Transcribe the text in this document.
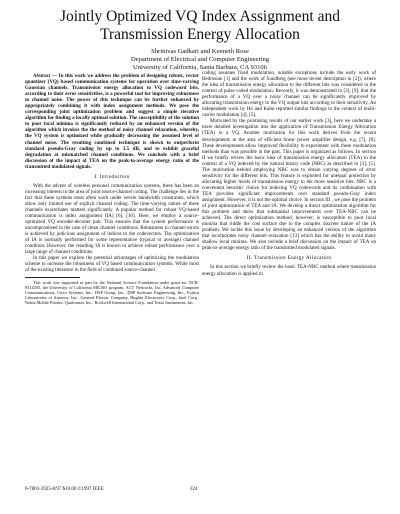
Jointly Optimized VQ Index Assignment and
Transmission Energy Allocation
Shrinivas Gadkari and Kenneth Rose
Department of Electrical and Computer Engineering
University of California, Santa Barbara, CA 93106

Abstract — In this work we address the problem of designing robust, vector quantizer (VQ) based communication systems for operation over time-varying Gaussian channels. Transmission energy allocation to VQ codeword bits, according to their error sensitivities, is a powerful tool for improving robustness to channel noise. The power of this technique can be further enhanced by appropriately combining it with index assignment methods. We pose the corresponding joint optimization problem and suggest a simple iterative algorithm for finding a locally optimal solution. The susceptibility of the solution to poor local minima is significantly reduced by an enhanced version of the algorithm which invokes the the method of noisy channel relaxation, whereby, the VQ system is optimized while gradually decreasing the assumed level of channel noise. The resulting combined technique is shown to outperform standard pseudo-Gray coding by up to 3.5 dB, and to exhibit graceful degradation at mismatched channel conditions. We conclude with a brief discussion of the impact of TEA on the peak-to-average energy ratio of the transmitted modulated signals.

I. Introduction

With the advent of wireless personal communication systems, there has been an increasing interest in the area of joint source-channel coding. The challenge lies in the fact that these systems must often work under severe bandwidth constraints, which allow only limited use of explicit channel coding. The time-varying nature of these channels exacerbates matters significantly. A popular method for robust VQ-based communication is index assignment (IA) [6], [10]. Here, we employ a source-optimized VQ encoder-decoder pair. This ensures that the system performance is uncompromised in the case of clean channel conditions. Robustness to channel errors is achieved by judicious assignment of indices to the codevectors. The optimization of IA is normally performed for some representative (typical or average) channel condition. However, the resulting IA is known to achieve robust performance over a large range of channel conditions.

In this paper we explore the potential advantages of optimizing the modulation scheme to increase the robustness of VQ based communication systems. While most of the existing literature in the field of combined source-channel

This work was supported in part by the National Science Foundation under grant no. NCR-9314335, the University of California MICRO program, ACT Networks, Inc, Advanced Computer Communications, Cisco Systems, Inc., DSP Group, Inc., DSP Software Engineering, Inc., Fujitsu Laboratories of America, Inc., General Electric Company, Hughes Electronics Corp., Intel Corp., Nokia Mobile Phones, Qualcomm, Inc., Rockwell International Corp., and Texas Instruments, Inc.

coding assumes fixed modulation, notable exceptions include the early work of Bedrosian [1] and the work of Sundberg (see more recent description in [2]), where the idea of transmission energy allocation to the different bits was considered in the context of pulse coded modulation. Recently, it was demonstrated in [3], [9], that the performance of a VQ over a noisy channel can be significantly improved by allocating transmission energy to the VQ output bits according to their sensitivity. An independent work by Ho and Kahn reported similar findings in the context of multi-carrier modulation [4], [5].

Motivated by the promising results of our earlier work [3], here we undertake a more detailed investigation into the application of Transmission Energy Allocation (TEA) to a VQ. Another motivation for this work derives from the recent developments in the area of efficient linear power amplifier design, e.g. [7], [8]. These developments allow improved flexibility to experiment with these modulation methods than was possible in the past. This paper is organized as follows. In section II we briefly review the basic idea of transmission energy allocation (TEA) in the context of a VQ indexed by the natural binary code (NBC) as described in [3], [5]. The motivation behind employing NBC was to obtain varying degrees of error sensitivity for the different bits. This feature is exploited for unequal protection by allocating higher levels of transmission energy to the more sensitive bits. NBC is a convenient heuristic choice for indexing VQ codewords and its combination with TEA provides significant improvements over standard pseudo-Gray index assignment. However, it is not the optimal choice. In section III , we pose the problem of joint optimization of TEA and IA. We develop a direct optimization algorithm for this problem and show that substantial improvements over TEA-NBC can be achieved. The direct optimization method, however, is susceptible to poor local minima that riddle the cost surface due to the complex discrete nature of the IA problem. We tackle this issue by developing an enhanced version of the algorithm that incorporates noisy channel relaxation [13] which has the ability to avoid many shallow local minima. We also include a brief discussion on the impact of TEA on peak-to-average energy ratio of the transmitted modulated signals.

II. Transmission Energy Allocation

In this section we briefly review the basic TEA-NBC method where transmission energy allocation is applied in

0-7803-3925-8/97 $10.00 ©1997 IEEE	324
